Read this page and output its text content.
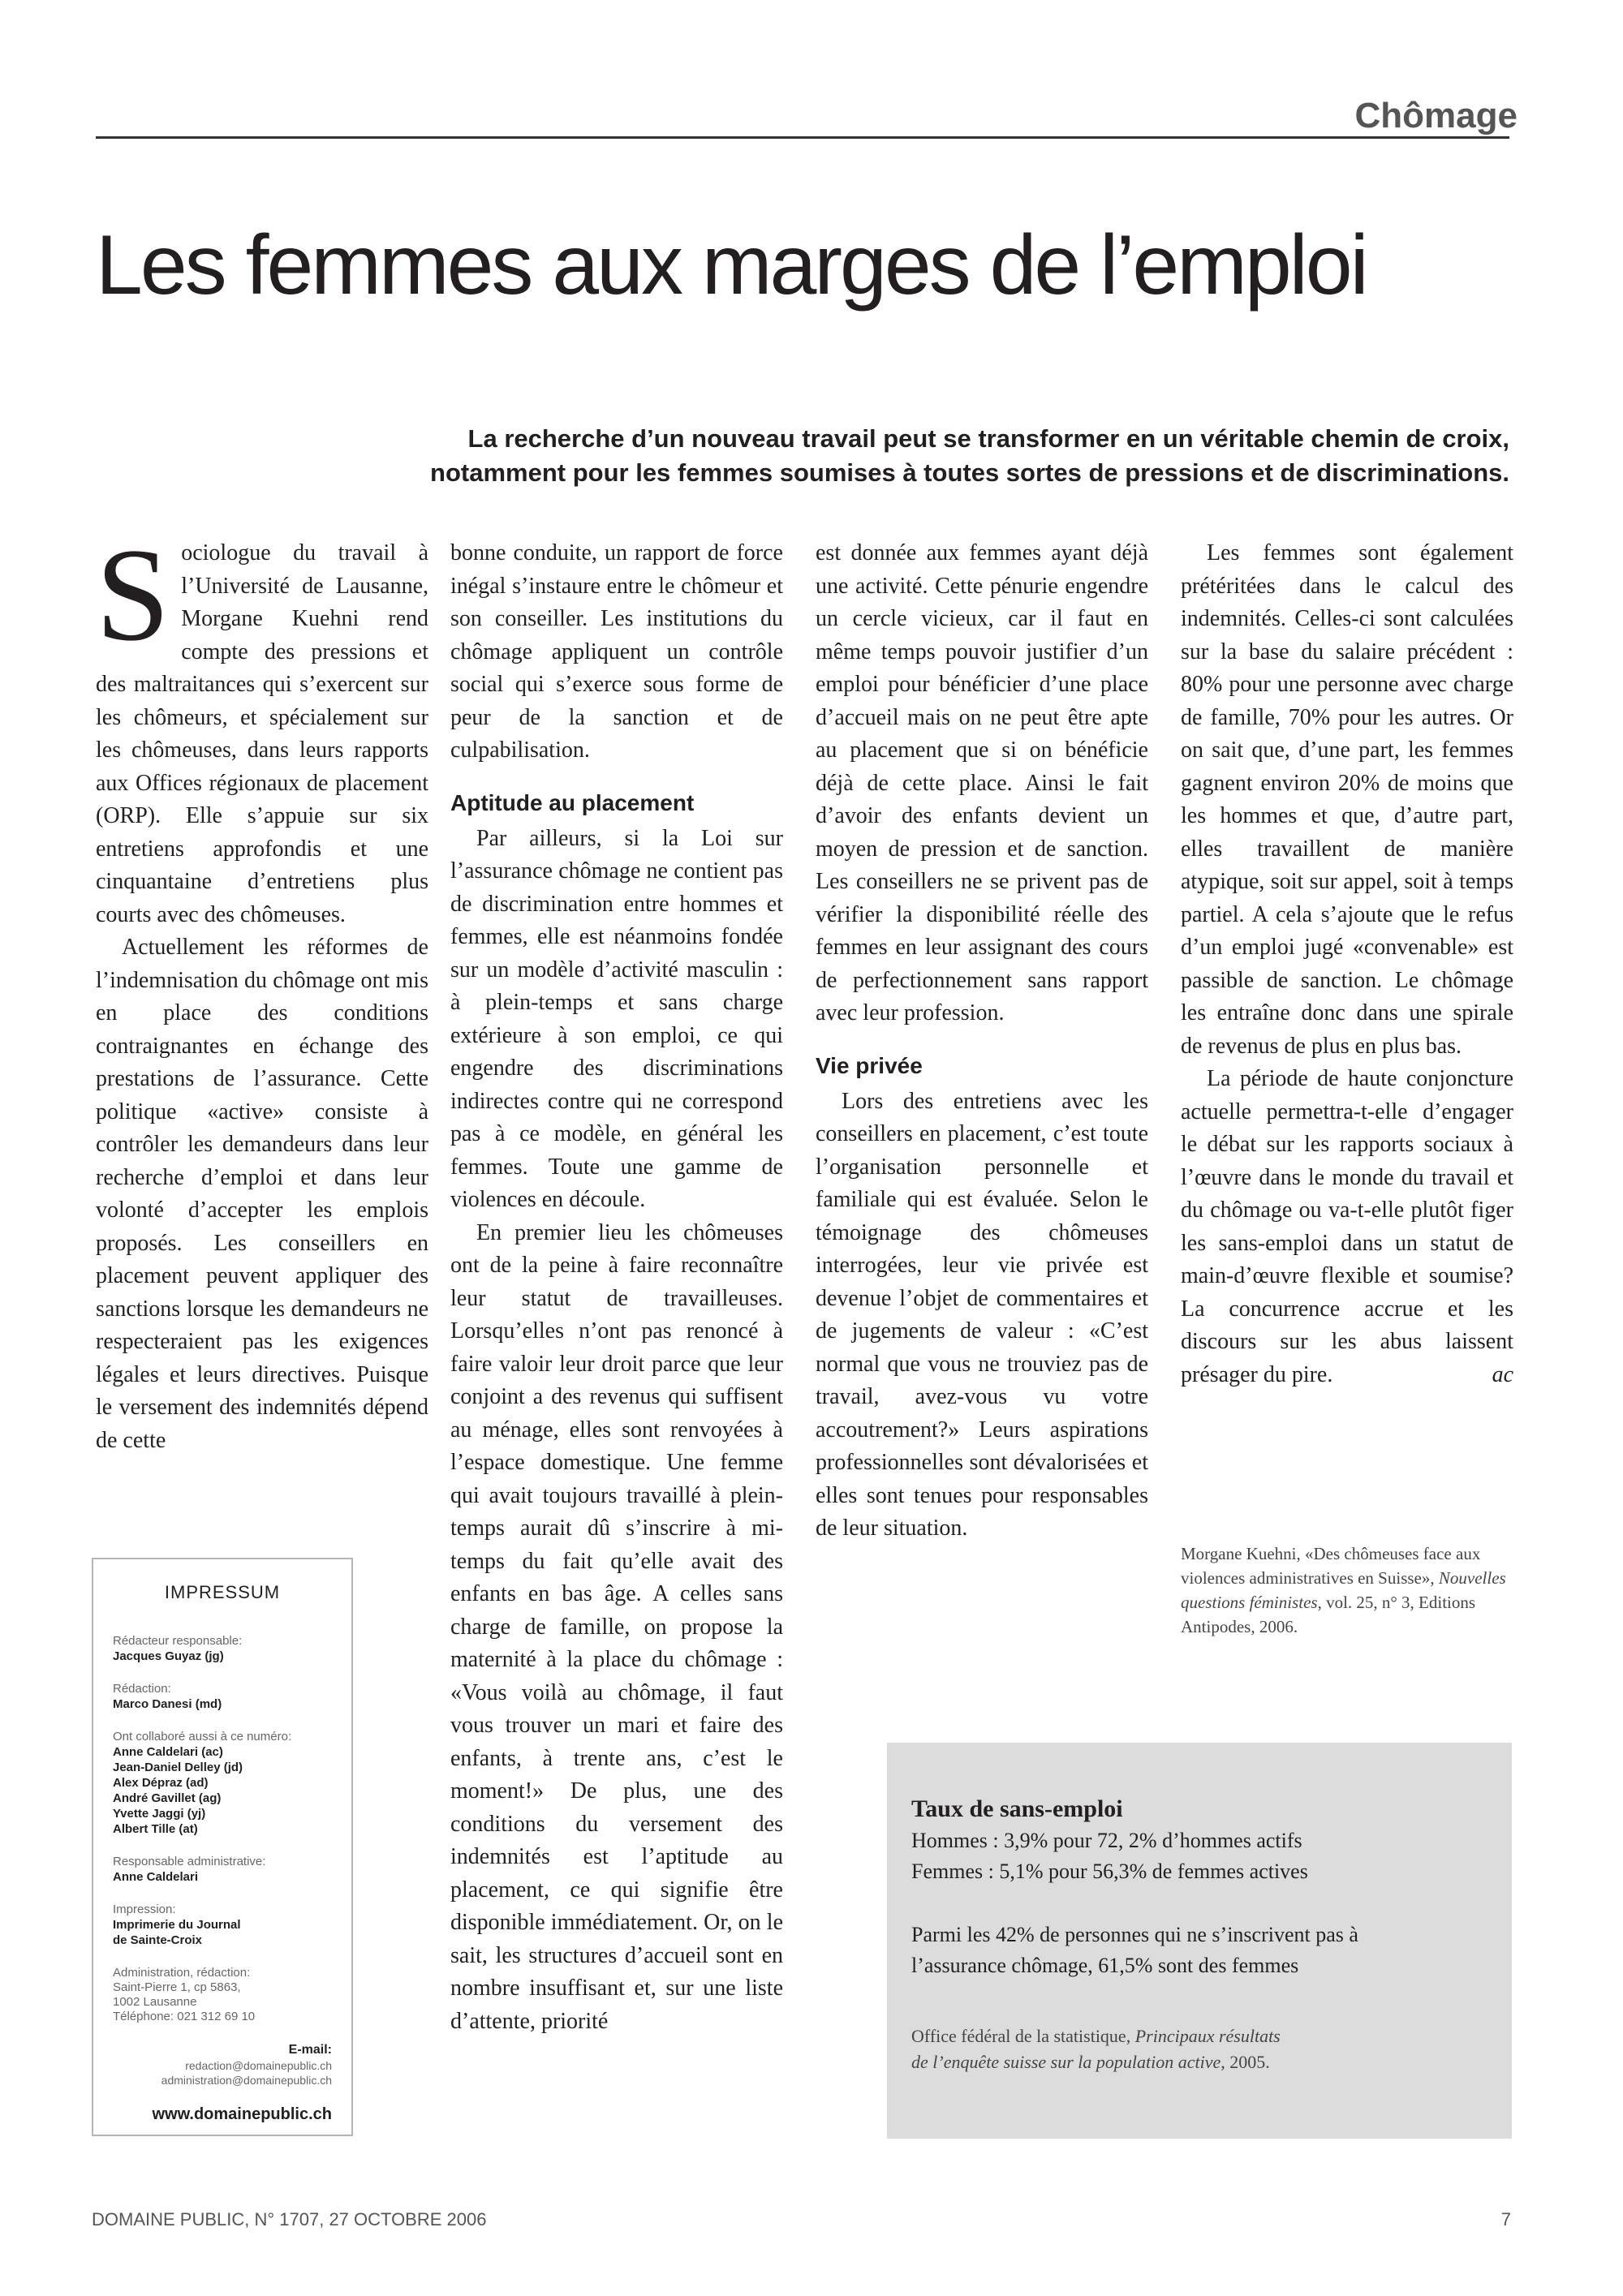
Chômage
Les femmes aux marges de l’emploi
La recherche d’un nouveau travail peut se transformer en un véritable chemin de croix,
notamment pour les femmes soumises à toutes sortes de pressions et de discriminations.
S ociologue du travail à l’Université de Lausanne, Morgane Kuehni rend compte des pressions et des maltraitances qui s’exercent sur les chômeurs, et spécialement sur les chômeuses, dans leurs rapports aux Offices régionaux de placement (ORP). Elle s’appuie sur six entretiens approfondis et une cinquantaine d’entretiens plus courts avec des chômeuses.

Actuellement les réformes de l’indemnisation du chômage ont mis en place des conditions contraignantes en échange des prestations de l’assurance. Cette politique «active» consiste à contrôler les demandeurs dans leur recherche d’emploi et dans leur volonté d’accepter les emplois proposés. Les conseillers en placement peuvent appliquer des sanctions lorsque les demandeurs ne respecteraient pas les exigences légales et leurs directives. Puisque le versement des indemnités dépend de cette

bonne conduite, un rapport de force inégal s’instaure entre le chômeur et son conseiller. Les institutions du chômage appliquent un contrôle social qui s’exerce sous forme de peur de la sanction et de culpabilisation.

Aptitude au placement

Par ailleurs, si la Loi sur l’assurance chômage ne contient pas de discrimination entre hommes et femmes, elle est néanmoins fondée sur un modèle d’activité masculin : à plein-temps et sans charge extérieure à son emploi, ce qui engendre des discriminations indirectes contre qui ne correspond pas à ce modèle, en général les femmes. Toute une gamme de violences en découle.

En premier lieu les chômeuses ont de la peine à faire reconnaître leur statut de travailleuses. Lorsqu’elles n’ont pas renoncé à faire valoir leur droit parce que leur conjoint a des revenus qui suffisent au ménage, elles sont renvoyées à l’espace domestique. Une femme qui avait toujours travaillé à plein-temps aurait dû s’inscrire à mi-temps du fait qu’elle avait des enfants en bas âge. A celles sans charge de famille, on propose la maternité à la place du chômage : «Vous voilà au chômage, il faut vous trouver un mari et faire des enfants, à trente ans, c’est le moment!» De plus, une des conditions du versement des indemnités est l’aptitude au placement, ce qui signifie être disponible immédiatement. Or, on le sait, les structures d’accueil sont en nombre insuffisant et, sur une liste d’attente, priorité

est donnée aux femmes ayant déjà une activité. Cette pénurie engendre un cercle vicieux, car il faut en même temps pouvoir justifier d’un emploi pour bénéficier d’une place d’accueil mais on ne peut être apte au placement que si on bénéficie déjà de cette place. Ainsi le fait d’avoir des enfants devient un moyen de pression et de sanction. Les conseillers ne se privent pas de vérifier la disponibilité réelle des femmes en leur assignant des cours de perfectionnement sans rapport avec leur profession.

Vie privée

Lors des entretiens avec les conseillers en placement, c’est toute l’organisation personnelle et familiale qui est évaluée. Selon le témoignage des chômeuses interrogées, leur vie privée est devenue l’objet de commentaires et de jugements de valeur : «C’est normal que vous ne trouviez pas de travail, avez-vous vu votre accoutrement?» Leurs aspirations professionnelles sont dévalorisées et elles sont tenues pour responsables de leur situation.

Les femmes sont également prétéritées dans le calcul des indemnités. Celles-ci sont calculées sur la base du salaire précédent : 80% pour une personne avec charge de famille, 70% pour les autres. Or on sait que, d’une part, les femmes gagnent environ 20% de moins que les hommes et que, d’autre part, elles travaillent de manière atypique, soit sur appel, soit à temps partiel. A cela s’ajoute que le refus d’un emploi jugé «convenable» est passible de sanction. Le chômage les entraîne donc dans une spirale de revenus de plus en plus bas.

La période de haute conjoncture actuelle permettra-t-elle d’engager le débat sur les rapports sociaux à l’œuvre dans le monde du travail et du chômage ou va-t-elle plutôt figer les sans-emploi dans un statut de main-d’œuvre flexible et soumise? La concurrence accrue et les discours sur les abus laissent présager du pire.	ac

Morgane Kuehni, «Des chômeuses face aux violences administratives en Suisse», Nouvelles questions féministes, vol. 25, n° 3, Editions Antipodes, 2006.
Taux de sans-emploi
Hommes : 3,9% pour 72, 2% d’hommes actifs
Femmes : 5,1% pour 56,3% de femmes actives
Parmi les 42% de personnes qui ne s’inscrivent pas à
l’assurance chômage, 61,5% sont des femmes
Office fédéral de la statistique, Principaux résultats
de l’enquête suisse sur la population active, 2005.
IMPRESSUM
Rédacteur responsable:
Jacques Guyaz (jg)
Rédaction:
Marco Danesi (md)
Ont collaboré aussi à ce numéro:
Anne Caldelari (ac)
Jean-Daniel Delley (jd)
Alex Dépraz (ad)
André Gavillet (ag)
Yvette Jaggi (yj)
Albert Tille (at)
Responsable administrative:
Anne Caldelari
Impression:
Imprimerie du Journal
de Sainte-Croix
Administration, rédaction:
Saint-Pierre 1, cp 5863,
1002 Lausanne
Téléphone: 021 312 69 10
E-mail:
redaction@domainepublic.ch
administration@domainepublic.ch
www.domainepublic.ch
DOMAINE PUBLIC, N° 1707, 27 OCTOBRE 2006	7
